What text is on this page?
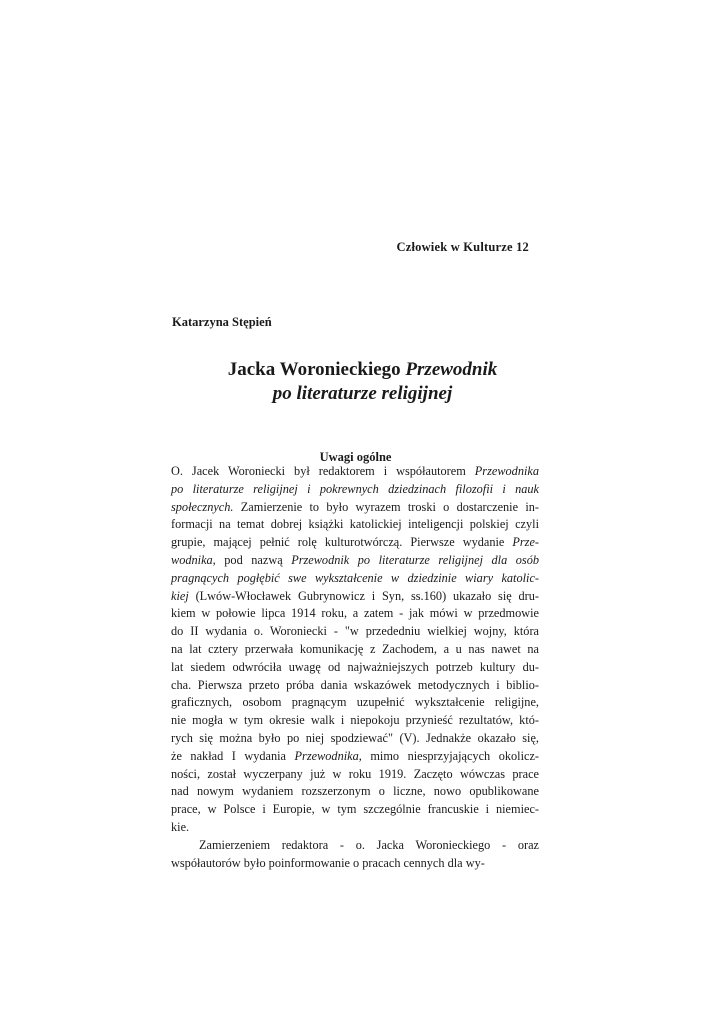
Człowiek w Kulturze 12
Katarzyna Stępień
Jacka Woronieckiego Przewodnik
po literaturze religijnej
Uwagi ogólne
O. Jacek Woroniecki był redaktorem i współautorem Przewodnika
po literaturze religijnej i pokrewnych dziedzinach filozofii i nauk
społecznych. Zamierzenie to było wyrazem troski o dostarczenie in-
formacji na temat dobrej książki katolickiej inteligencji polskiej czyli
grupie, mającej pełnić rolę kulturotwórczą. Pierwsze wydanie Prze-
wodnika, pod nazwą Przewodnik po literaturze religijnej dla osób
pragnących pogłębić swe wykształcenie w dziedzinie wiary katolic-
kiej (Lwów-Włocławek Gubrynowicz i Syn, ss.160) ukazało się dru-
kiem w połowie lipca 1914 roku, a zatem - jak mówi w przedmowie
do II wydania o. Woroniecki - "w przededniu wielkiej wojny, która
na lat cztery przerwała komunikację z Zachodem, a u nas nawet na
lat siedem odwróciła uwagę od najważniejszych potrzeb kultury du-
cha. Pierwsza przeto próba dania wskazówek metodycznych i biblio-
graficznych, osobom pragnącym uzupełnić wykształcenie religijne,
nie mogła w tym okresie walk i niepokoju przynieść rezultatów, któ-
rych się można było po niej spodziewać" (V). Jednakże okazało się,
że nakład I wydania Przewodnika, mimo niesprzyjających okolicz-
ności, został wyczerpany już w roku 1919. Zaczęto wówczas prace
nad nowym wydaniem rozszerzonym o liczne, nowo opublikowane
prace, w Polsce i Europie, w tym szczególnie francuskie i niemiec-
kie.
Zamierzeniem redaktora - o. Jacka Woronieckiego - oraz
współautorów było poinformowanie o pracach cennych dla wy-
